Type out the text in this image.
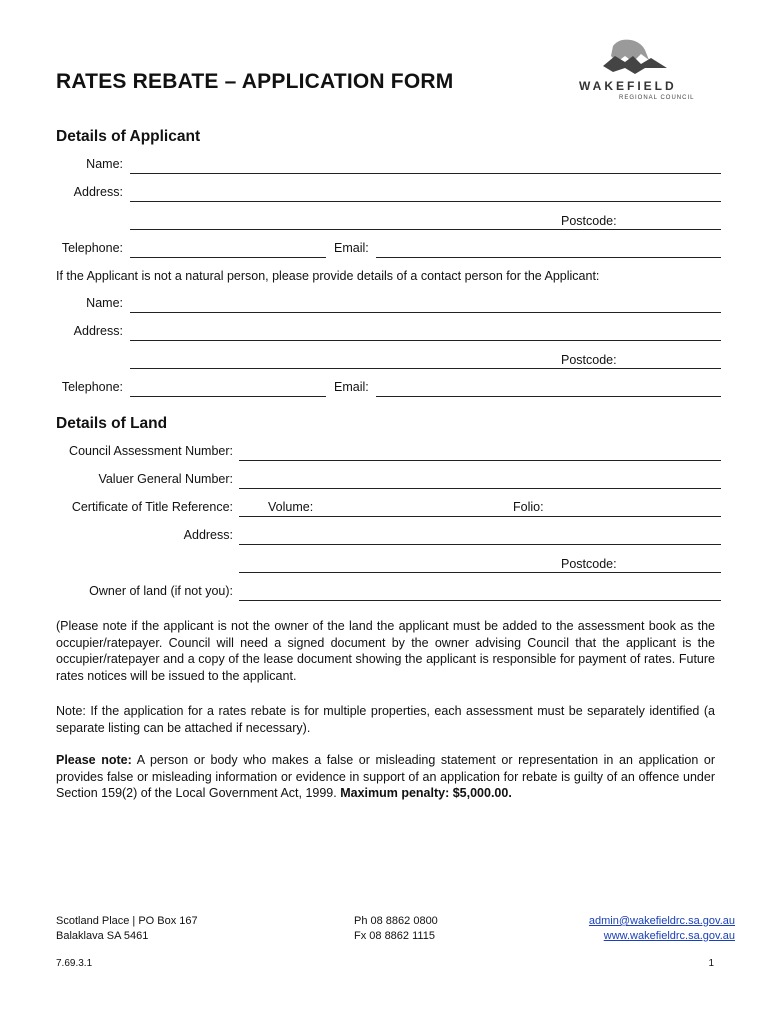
RATES REBATE – APPLICATION FORM	WAKEFIELD
REGIONAL COUNCIL
Details of Applicant
Name:
Address:
Postcode:
Telephone:	Email:
If the Applicant is not a natural person, please provide details of a contact person for the Applicant:
Name:
Address:
Postcode:
Telephone:	Email:
Details of Land
Council Assessment Number:
Valuer General Number:
Certificate of Title Reference:	Volume:	Folio:
Address:
Postcode:
Owner of land (if not you):
(Please note if the applicant is not the owner of the land the applicant must be added to the assessment book as the occupier/ratepayer. Council will need a signed document by the owner advising Council that the applicant is the occupier/ratepayer and a copy of the lease document showing the applicant is responsible for payment of rates. Future rates notices will be issued to the applicant.
Note: If the application for a rates rebate is for multiple properties, each assessment must be separately identified (a separate listing can be attached if necessary).
Please note: A person or body who makes a false or misleading statement or representation in an application or provides false or misleading information or evidence in support of an application for rebate is guilty of an offence under Section 159(2) of the Local Government Act, 1999. Maximum penalty: $5,000.00.
Scotland Place | PO Box 167
Balaklava SA 5461
Ph 08 8862 0800
Fx 08 8862 1115
admin@wakefieldrc.sa.gov.au
www.wakefieldrc.sa.gov.au
7.69.3.1	1
